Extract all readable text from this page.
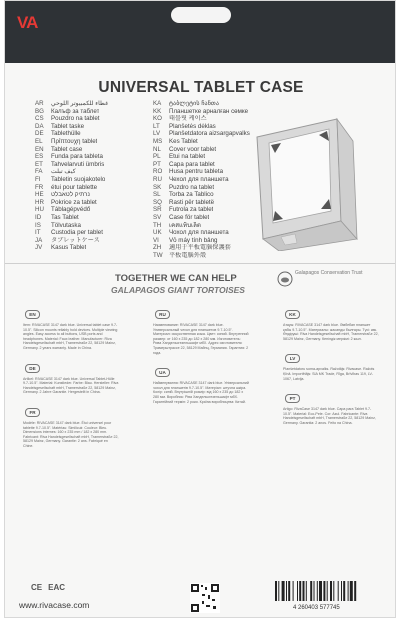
VA
UNIVERSAL TABLET CASE
AR	غطاء للكمبيوتر اللوحي
BG	Калъф за таблет
CS	Pouzdro na tablet
DA	Tablet taske
DE	Tablethülle
EL	Πρίπτουχη tablet
EN	Tablet case
ES	Funda para tableta
ET	Tahvelarvuti ümbris
FA	کیف تبلت
FI	Tabletin suojakotelo
FR	étui pour tablette
HE	נרתיק לטאבלט
HR	Pokrice za tablet
HU	Táblagépvédő
ID	Tas Tablet
IS	Tölvutaska
IT	Custodia per tablet
JA	タブレットケース
JV	Kasus Tablet
KA	ტაბლეტის ჩანთა
KK	Планшетке арналған сөмке
KO	태블릿 케이스
LT	Planšetės dėklas
LV	Planšetdatora aizsargapvalks
MS	Kes Tablet
NL	Cover voor tablet
PL	Etui na tablet
PT	Capa para tablet
RO	Husa pentru tableta
RU	Чехол для планшета
SK	Puzdro na tablet
SL	Torba za Tablico
SQ	Rasti për tabletë
SR	Futrola za tablet
SV	Case för tablet
TH	เคสแท็บเล็ต
UK	Чохол для планшета
VI	Vỏ máy tính bảng
ZH	適用于平板電腦保護套
TW	平板電腦外殼
TOGETHER WE CAN HELP
GALAPAGOS GIANT TORTOISES
Galapagos Conservation Trust
EN
Item: RIVACASE 3147 dark blue. Universal tablet case 9.7-10.5". Silicon mounts reliably hold devices. Multiple viewing angles. Easy access to all buttons, USB ports and headphones. Material: Faux leather. Manufacturer: Riva Handelsgesellschaft mbH, Tramerstraße 22, 58129 Mainz, Germany. 2 years warranty. Made in China.
DE
Artikel: RIVACASE 3147 dark blue. Universal Tablet-Hülle 9.7-10.5". Material: Kunstleder. Farbe: Blau. Hersteller: Riva Handelsgesellschaft mbH, Tramerstraße 22, 58129 Mainz, Germany. 2 Jahre Garantie. Hergestellt in China.
FR
Modèle: RIVACASE 3147 dark blue. Étui universel pour tablette 9.7-10.5". Matériau: Similicuir. Couleur: Bleu. Dimensions internes: 160 x 235 mm / 182 x 280 mm. Fabricant: Riva Handelsgesellschaft mbH, Tramerstraße 22, 58129 Mainz, Germany. Garantie: 2 ans. Fabriqué en Chine.
RU
Наименование: RIVACASE 3147 dark blue. Универсальный чехол для планшетов 9.7-10.5". Материал: искусственная кожа. Цвет: синий. Внутренний размер: от 160 x 235 до 182 x 280 мм. Изготовитель: Рива Хандельсгезельшафт мбХ. Адрес изготовителя: Трамерштрассе 22, 58129 Майнц, Германия. Гарантия: 2 года.
UA
Найменування: RIVACASE 3147 dark blue. Універсальний чохол для планшетів 9.7-10.5". Матеріал: штучна шкіра. Колір: синій. Внутрішній розмір: від 160 x 235 до 182 x 280 мм. Виробник: Ріва Хандельсгезельшафт мбХ. Гарантійний термін: 2 роки. Країна виробництва: Китай.
KK
Атауы: RIVACASE 3147 dark blue. Әмбебап планшет қабы 9.7-10.5". Материалы: жасанды былғары. Түсі: көк. Өндіруші: Riva Handelsgesellschaft mbH, Tramerstraße 22, 58129 Mainz, Germany. Кепілдік мерзімі: 2 жыл.
LV
Planšetdatoru soma-apvalks. Ražotājs: Rivacase. Ražots Ķīnā. Importētājs: SIA MK Trade, Rīga, Brīvības 119, LV-1067, Latvija.
PT
Artigo: RivaCase 3147 dark blue. Capa para Tablet 9.7-10.5". Material: Eco-Pele. Cor: Azul. Fabricante: Riva Handelsgesellschaft mbH, Tramerstraße 22, 58129 Mainz, Germany. Garantia: 2 anos. Feito na China.
CE EAC
4 260403 577745
www.rivacase.com
